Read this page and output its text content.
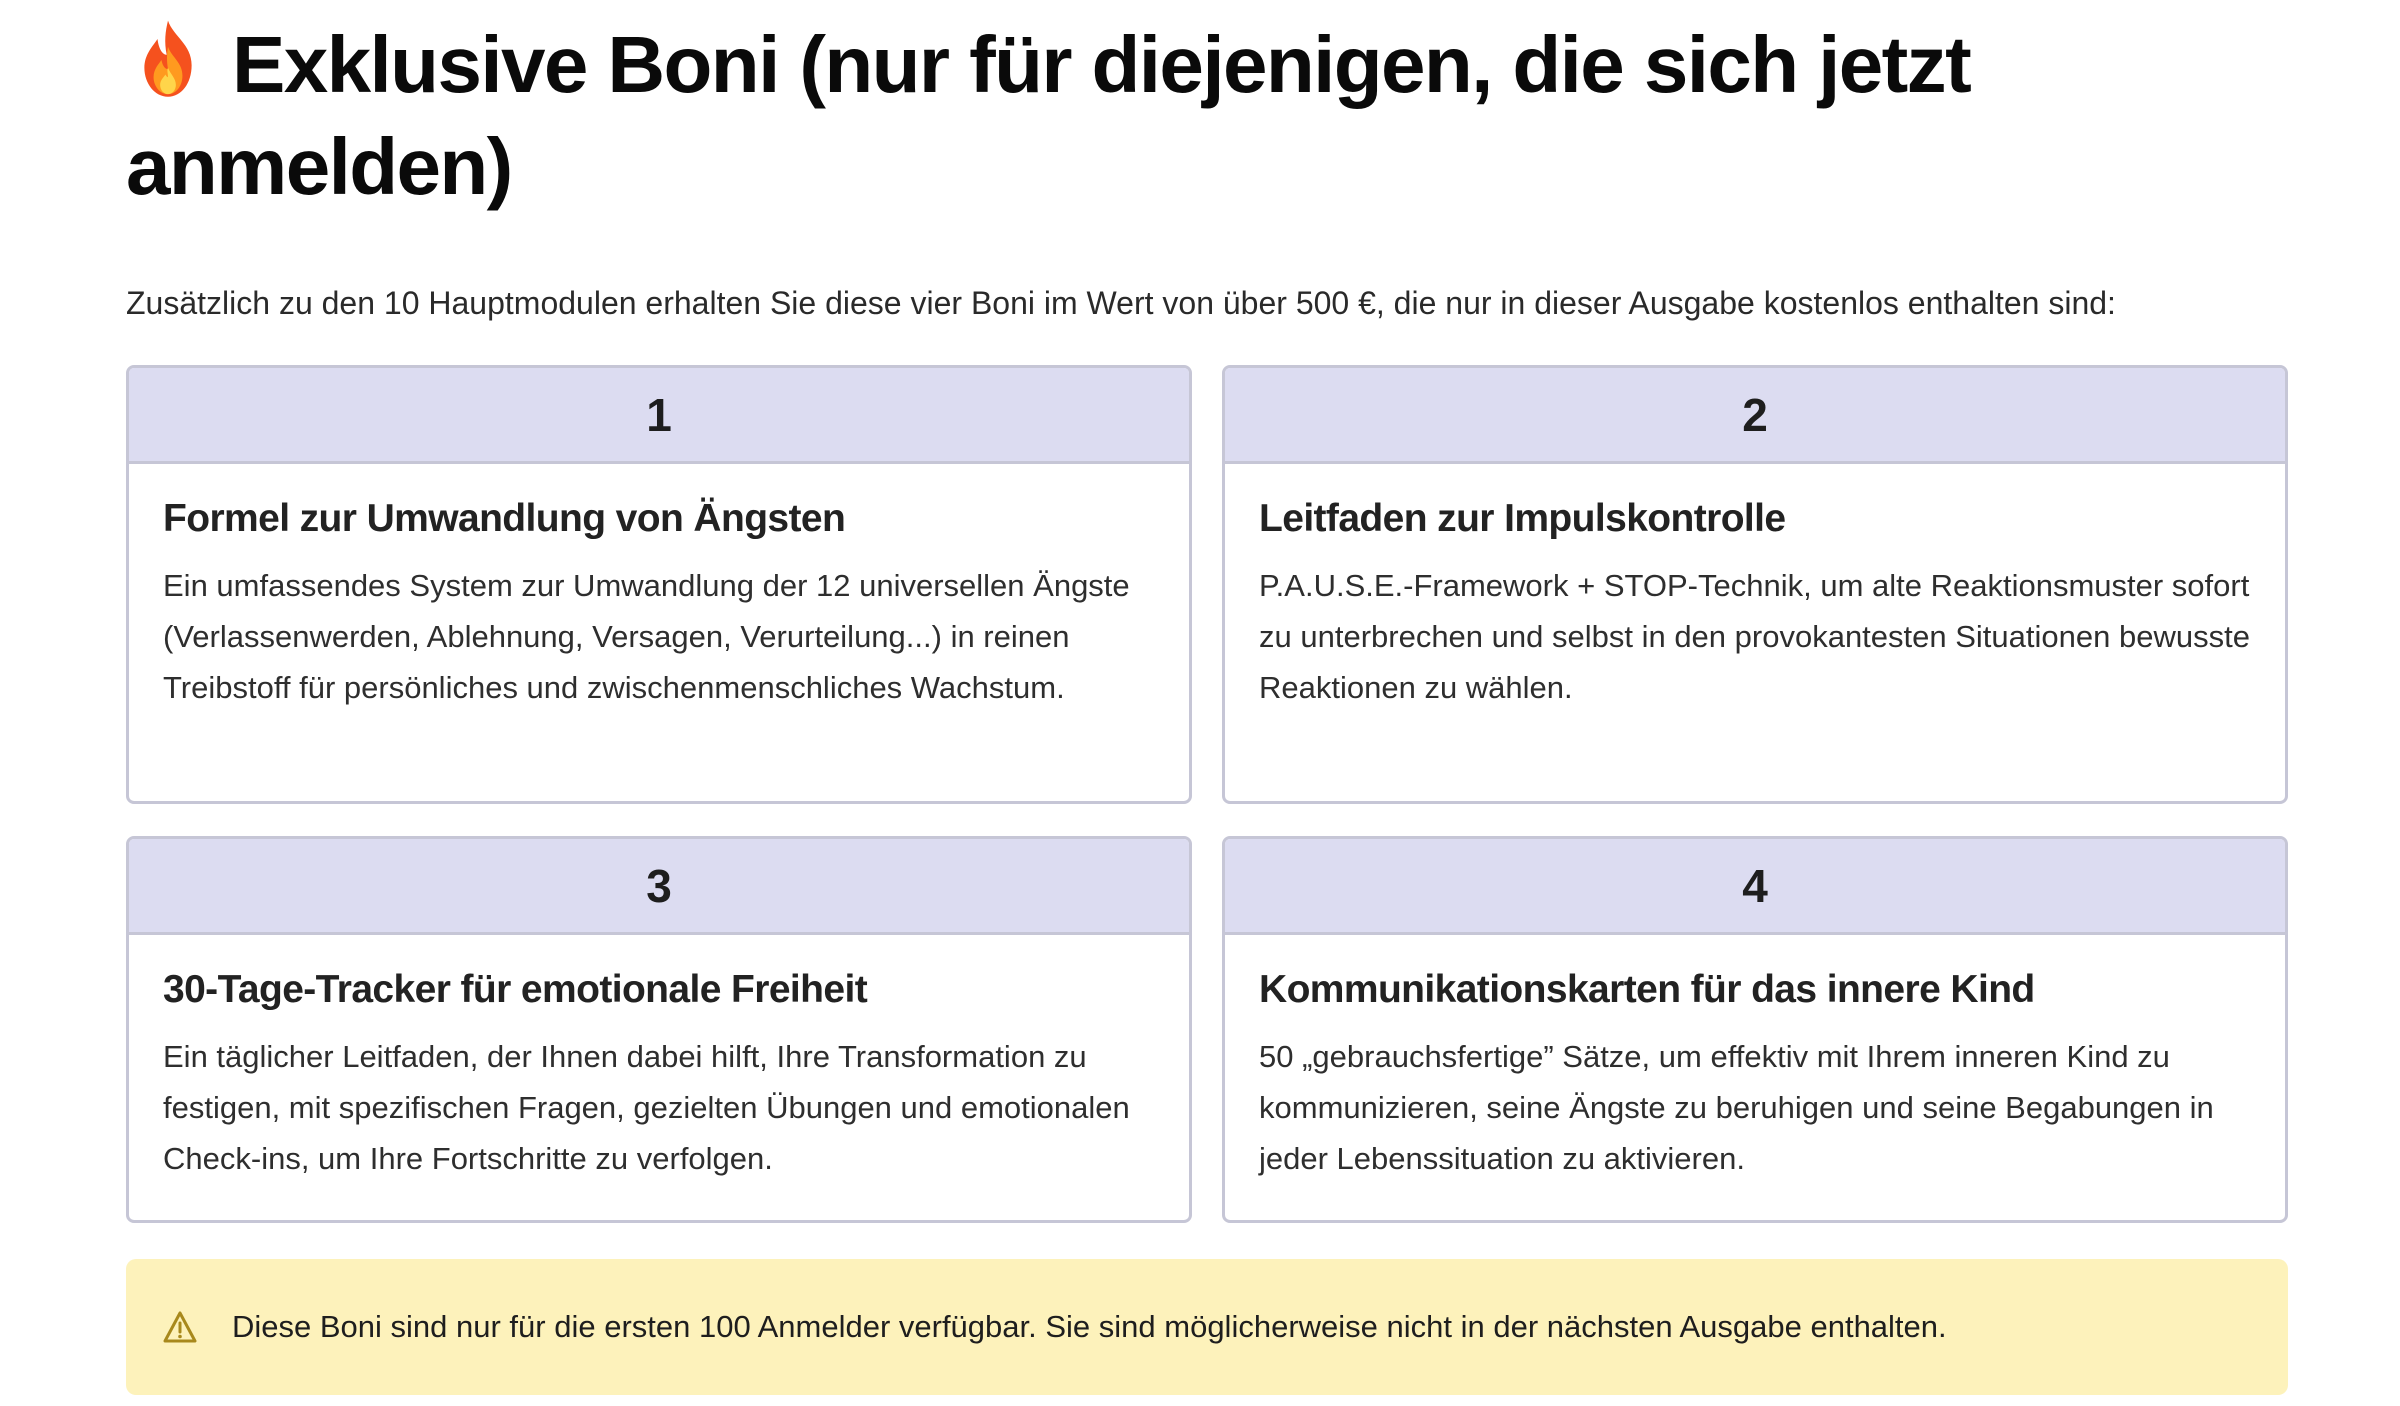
Exklusive Boni (nur für diejenigen, die sich jetzt anmelden)

Zusätzlich zu den 10 Hauptmodulen erhalten Sie diese vier Boni im Wert von über 500 €, die nur in dieser Ausgabe kostenlos enthalten sind:

1
Formel zur Umwandlung von Ängsten
Ein umfassendes System zur Umwandlung der 12 universellen Ängste (Verlassenwerden, Ablehnung, Versagen, Verurteilung...) in reinen Treibstoff für persönliches und zwischenmenschliches Wachstum.
2
Leitfaden zur Impulskontrolle
P.A.U.S.E.-Framework + STOP-Technik, um alte Reaktionsmuster sofort zu unterbrechen und selbst in den provokantesten Situationen bewusste Reaktionen zu wählen.
3
30-Tage-Tracker für emotionale Freiheit
Ein täglicher Leitfaden, der Ihnen dabei hilft, Ihre Transformation zu festigen, mit spezifischen Fragen, gezielten Übungen und emotionalen Check-ins, um Ihre Fortschritte zu verfolgen.
4
Kommunikationskarten für das innere Kind
50 „gebrauchsfertige” Sätze, um effektiv mit Ihrem inneren Kind zu kommunizieren, seine Ängste zu beruhigen und seine Begabungen in jeder Lebenssituation zu aktivieren.
Diese Boni sind nur für die ersten 100 Anmelder verfügbar. Sie sind möglicherweise nicht in der nächsten Ausgabe enthalten.
